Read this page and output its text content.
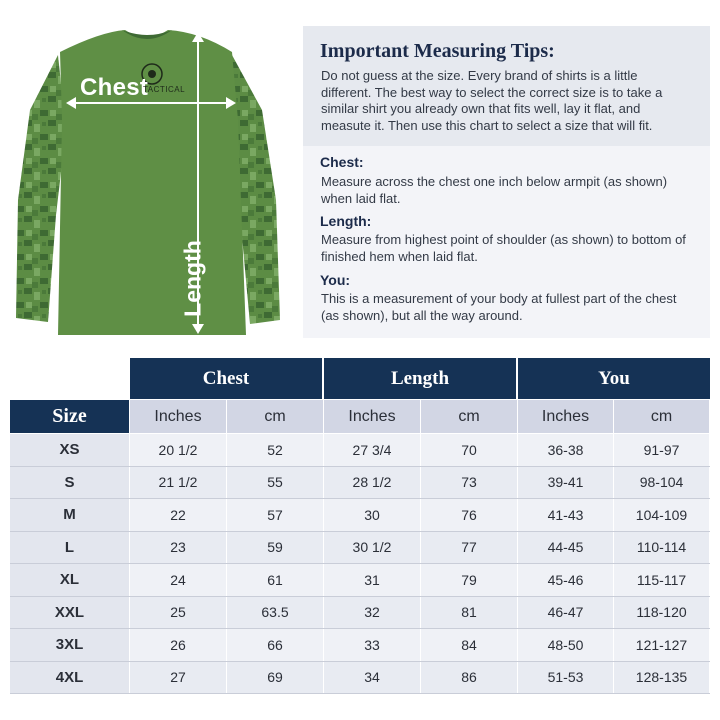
Chest
TACTICAL
Length
Important Measuring Tips:
Do not guess at the size. Every brand of shirts is a little different. The best way to select the correct size is to take a similar shirt you already own that fits well, lay it flat, and measute it. Then use this chart to select a size that will fit.
Chest:
Measure across the chest one inch below armpit (as shown) when laid flat.
Length:
Measure from highest point of shoulder (as shown) to bottom of finished hem when laid flat.
You:
This is a measurement of your body at fullest part of the chest (as shown), but all the way around.
Chest	Length	You
Size	Inches	cm	Inches	cm	Inches	cm
XS	20 1/2	52	27 3/4	70	36-38	91-97
S	21 1/2	55	28 1/2	73	39-41	98-104
M	22	57	30	76	41-43	104-109
L	23	59	30 1/2	77	44-45	110-114
XL	24	61	31	79	45-46	115-117
XXL	25	63.5	32	81	46-47	118-120
3XL	26	66	33	84	48-50	121-127
4XL	27	69	34	86	51-53	128-135
